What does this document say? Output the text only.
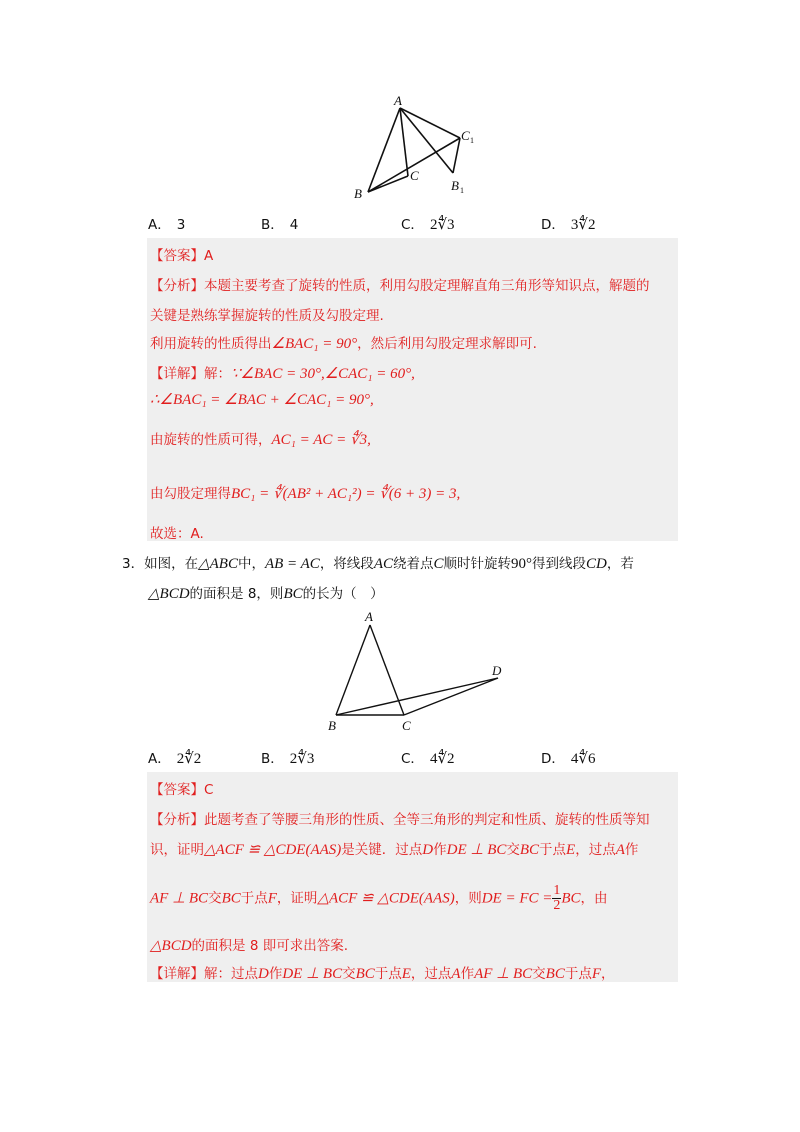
A
B
C
C 1
B 1
A． 3	B． 4	C． 2∜3	D． 3∜2
【答案】A
【分析】本题主要考查了旋转的性质，利用勾股定理解直角三角形等知识点，解题的
关键是熟练掌握旋转的性质及勾股定理.
利用旋转的性质得出∠BAC₁ = 90°，然后利用勾股定理求解即可.
【详解】解：∵∠BAC = 30°,∠CAC₁ = 60°,
∴∠BAC₁ = ∠BAC + ∠CAC₁ = 90°,
由旋转的性质可得，AC₁ = AC = ∜3,
由勾股定理得BC₁ = ∜(AB² + AC₁²) = ∜(6 + 3) = 3,
故选：A.
3．如图，在△ABC中，AB = AC，将线段AC绕着点C顺时针旋转90°得到线段CD，若
△BCD的面积是 8，则BC的长为（　）
A
B	C
D
A． 2∜2	B． 2∜3	C． 4∜2	D． 4∜6
【答案】C
【分析】此题考查了等腰三角形的性质、全等三角形的判定和性质、旋转的性质等知
识，证明△ACF ≌ △CDE(AAS)是关键．过点D作DE ⊥ BC交BC于点E，过点A作
AF ⊥ BC交BC于点F，证明△ACF ≌ △CDE(AAS)，则DE = FC = $\frac{1}{2}$ BC，由
△BCD的面积是 8 即可求出答案.
【详解】解：过点D作DE ⊥ BC交BC于点E，过点A作AF ⊥ BC交BC于点F，
